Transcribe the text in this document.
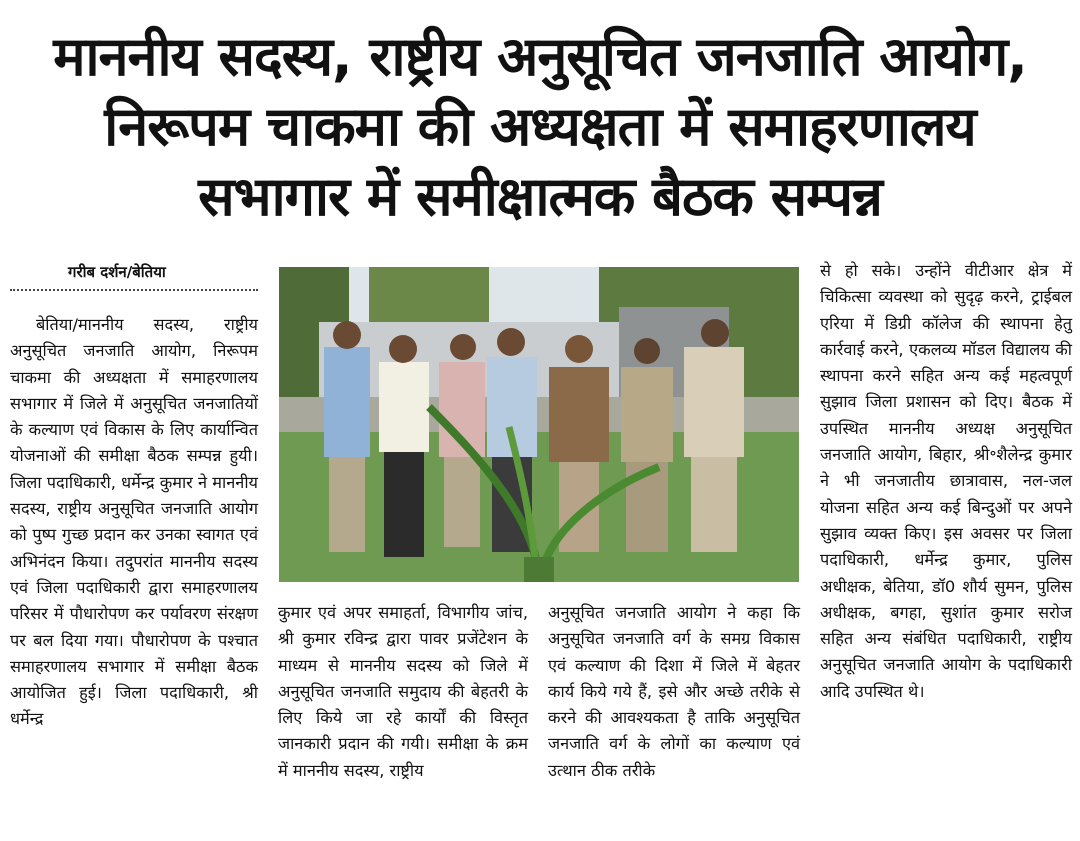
माननीय सदस्य, राष्ट्रीय अनुसूचित जनजाति आयोग,
निरूपम चाकमा की अध्यक्षता में समाहरणालय
सभागार में समीक्षात्मक बैठक सम्पन्न
गरीब दर्शन/बेतिया

बेतिया/माननीय सदस्य, राष्ट्रीय अनुसूचित जनजाति आयोग, निरूपम चाकमा की अध्यक्षता में समाहरणालय सभागार में जिले में अनुसूचित जनजातियों के कल्याण एवं विकास के लिए कार्यान्वित योजनाओं की समीक्षा बैठक सम्पन्न हुयी। जिला पदाधिकारी, धर्मेन्द्र कुमार ने माननीय सदस्य, राष्ट्रीय अनुसूचित जनजाति आयोग को पुष्प गुच्छ प्रदान कर उनका स्वागत एवं अभिनंदन किया। तदुपरांत माननीय सदस्य एवं जिला पदाधिकारी द्वारा समाहरणालय परिसर में पौधारोपण कर पर्यावरण संरक्षण पर बल दिया गया। पौधारोपण के पश्चात समाहरणालय सभागार में समीक्षा बैठक आयोजित हुई। जिला पदाधिकारी, श्री धर्मेन्द्र

कुमार एवं अपर समाहर्ता, विभागीय जांच, श्री कुमार रविन्द्र द्वारा पावर प्रजेंटेशन के माध्यम से माननीय सदस्य को जिले में अनुसूचित जनजाति समुदाय की बेहतरी के लिए किये जा रहे कार्यों की विस्तृत जानकारी प्रदान की गयी। समीक्षा के क्रम में माननीय सदस्य, राष्ट्रीय

अनुसूचित जनजाति आयोग ने कहा कि अनुसूचित जनजाति वर्ग के समग्र विकास एवं कल्याण की दिशा में जिले में बेहतर कार्य किये गये हैं, इसे और अच्छे तरीके से करने की आवश्यकता है ताकि अनुसूचित जनजाति वर्ग के लोगों का कल्याण एवं उत्थान ठीक तरीके

से हो सके। उन्होंने वीटीआर क्षेत्र में चिकित्सा व्यवस्था को सुदृढ़ करने, ट्राईबल एरिया में डिग्री कॉलेज की स्थापना हेतु कार्रवाई करने, एकलव्य मॉडल विद्यालय की स्थापना करने सहित अन्य कई महत्वपूर्ण सुझाव जिला प्रशासन को दिए। बैठक में उपस्थित माननीय अध्यक्ष अनुसूचित जनजाति आयोग, बिहार, श्री॰शैलेन्द्र कुमार ने भी जनजातीय छात्रावास, नल-जल योजना सहित अन्य कई बिन्दुओं पर अपने सुझाव व्यक्त किए। इस अवसर पर जिला पदाधिकारी, धर्मेन्द्र कुमार, पुलिस अधीक्षक, बेतिया, डॉ0 शौर्य सुमन, पुलिस अधीक्षक, बगहा, सुशांत कुमार सरोज सहित अन्य संबंधित पदाधिकारी, राष्ट्रीय अनुसूचित जनजाति आयोग के पदाधिकारी आदि उपस्थित थे।
